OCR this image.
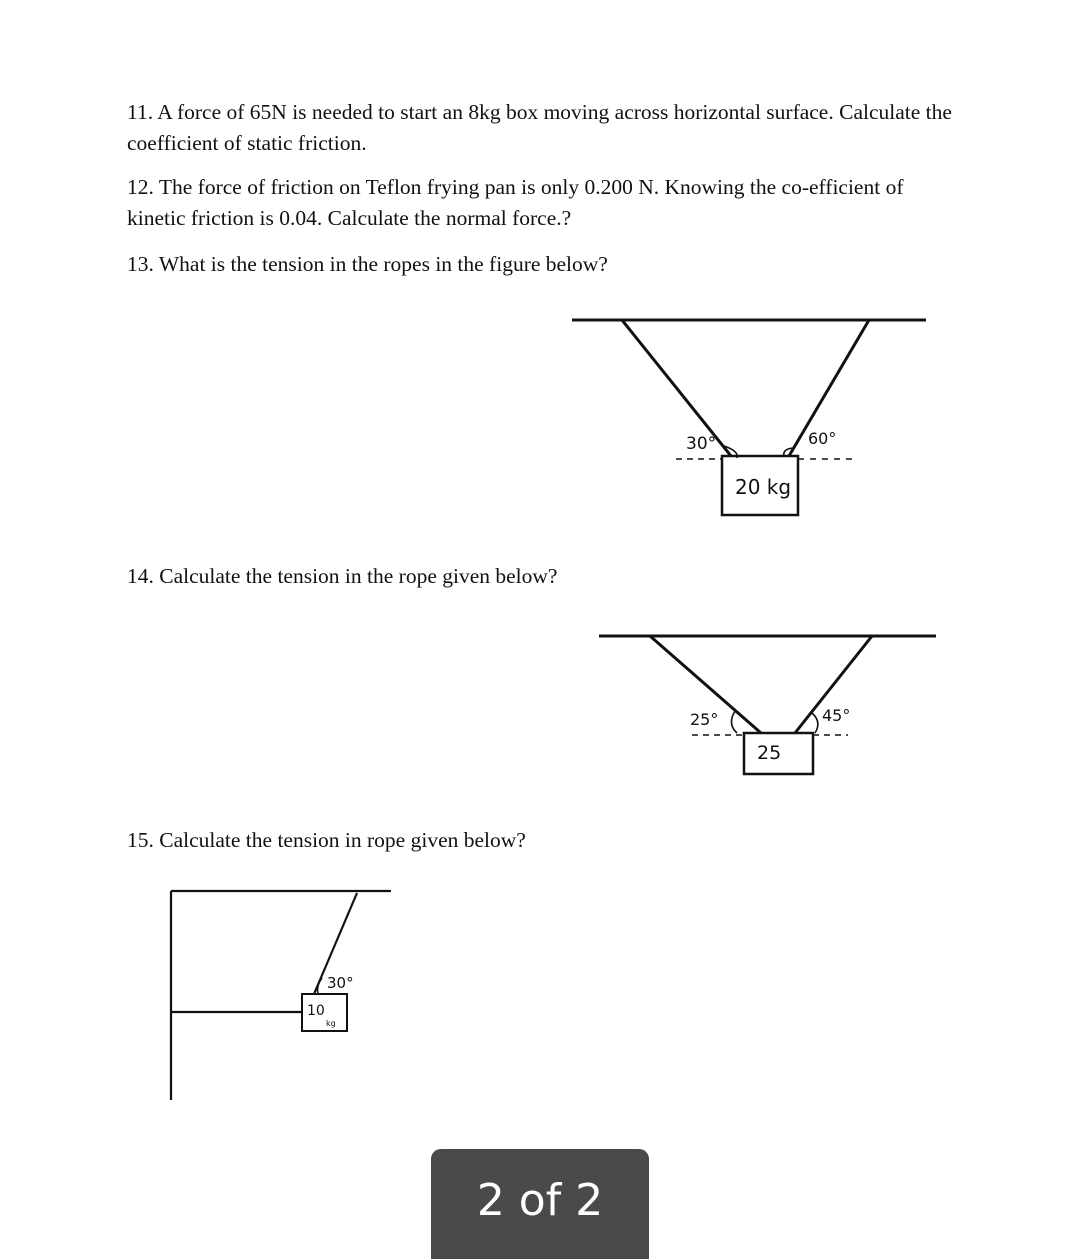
11. A force of 65N is needed to start an 8kg box moving across horizontal surface. Calculate the coefficient of static friction.

12. The force of friction on Teflon frying pan is only 0.200 N. Knowing the co-efficient of kinetic friction is 0.04. Calculate the normal force.?

13. What is the tension in the ropes in the figure below?

30°	60°
20 kg

14. Calculate the tension in the rope given below?

25°	45°
25

15. Calculate the tension in rope given below?

30°
10
kg
2 of 2
